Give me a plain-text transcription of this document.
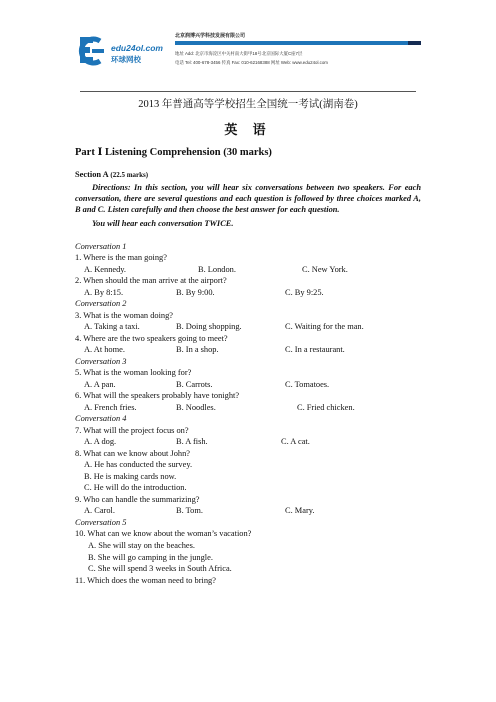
edu24ol.com
环球网校
北京润博兴学科技发展有限公司
地址 Add: 北京市海淀区中关村南大街甲18号北京国际大厦C座7层
电话 Tel: 400-678-3456 传真 Fax: 010-62168388 网址 Web: www.edu24ol.com
2013 年普通高等学校招生全国统一考试(湖南卷)
英 语
Part Ⅰ Listening Comprehension (30 marks)
Section A (22.5 marks)
Directions: In this section, you will hear six conversations between two speakers. For each conversation, there are several questions and each question is followed by three choices marked A, B and C. Listen carefully and then choose the best answer for each question.
You will hear each conversation TWICE.
Conversation 1
1. Where is the man going?
A. Kennedy.	B. London.	C. New York.
2. When should the man arrive at the airport?
A. By 8:15.	B. By 9:00.	C. By 9:25.
Conversation 2
3. What is the woman doing?
A. Taking a taxi.	B. Doing shopping.	C. Waiting for the man.
4. Where are the two speakers going to meet?
A. At home.	B. In a shop.	C. In a restaurant.
Conversation 3
5. What is the woman looking for?
A. A pan.	B. Carrots.	C. Tomatoes.
6. What will the speakers probably have tonight?
A. French fries.	B. Noodles.	C. Fried chicken.
Conversation 4
7. What will the project focus on?
A. A dog.	B. A fish.	C. A cat.
8. What can we know about John?
A. He has conducted the survey.
B. He is making cards now.
C. He will do the introduction.
9. Who can handle the summarizing?
A. Carol.	B. Tom.	C. Mary.
Conversation 5
10. What can we know about the woman’s vacation?
A. She will stay on the beaches.
B. She will go camping in the jungle.
C. She will spend 3 weeks in South Africa.
11. Which does the woman need to bring?
